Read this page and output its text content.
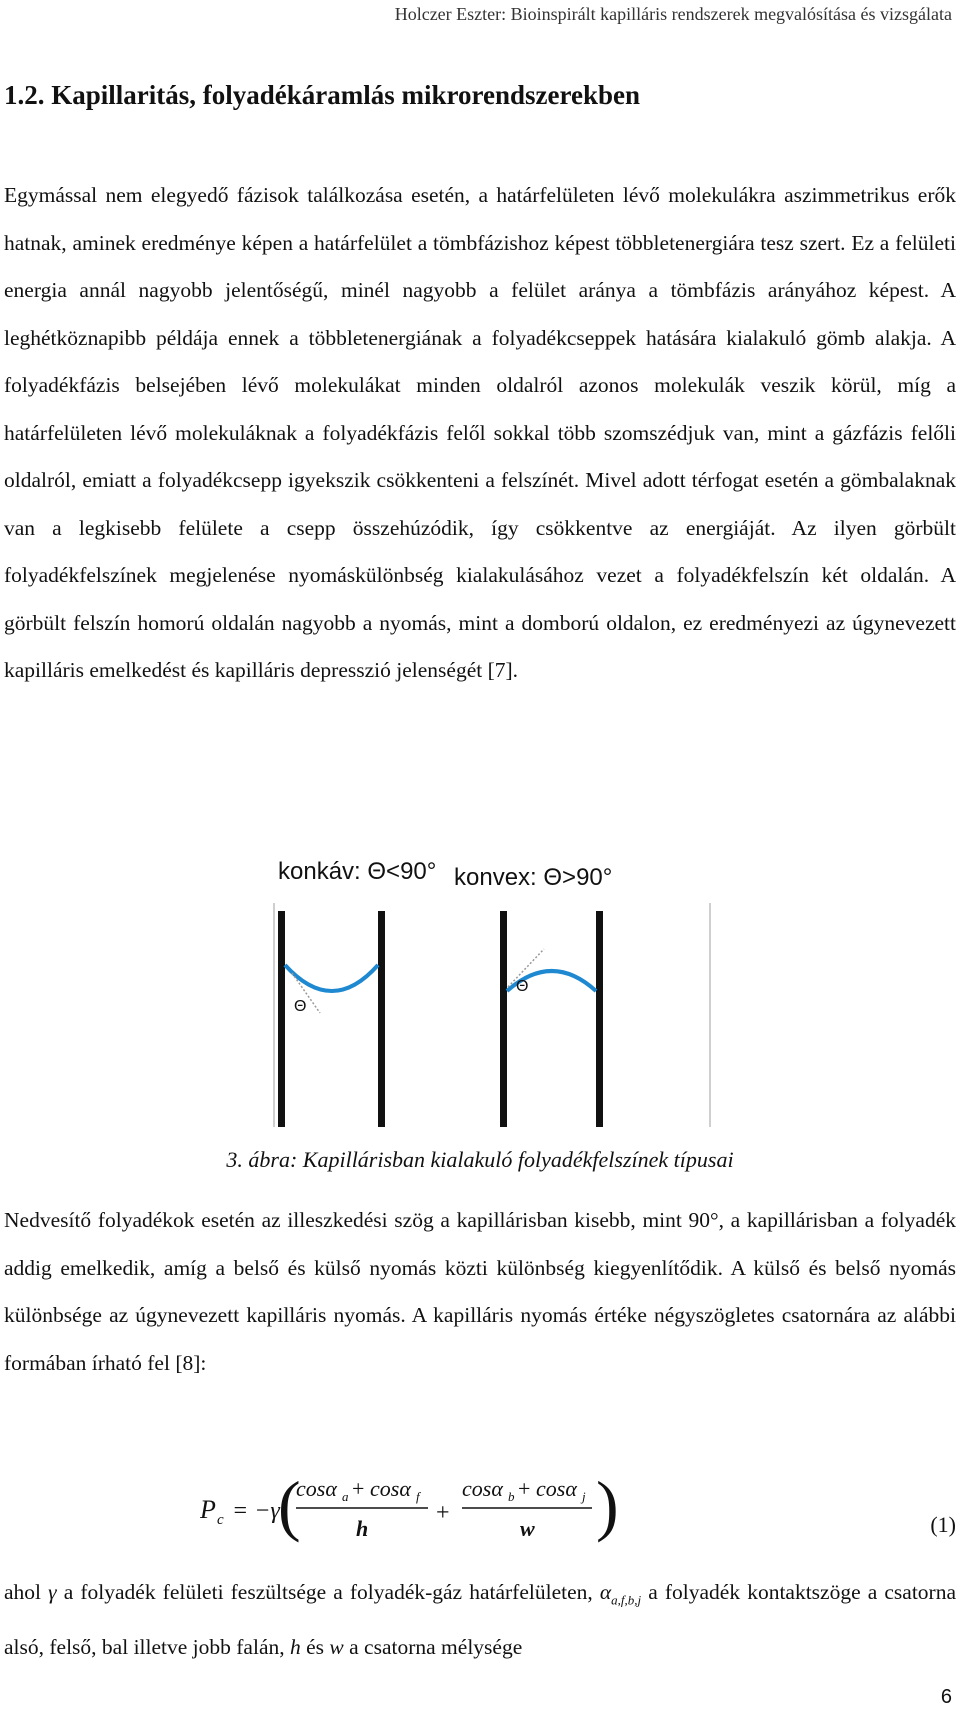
Holczer Eszter: Bioinspirált kapilláris rendszerek megvalósítása és vizsgálata
1.2. Kapillaritás, folyadékáramlás mikrorendszerekben

Egymással nem elegyedő fázisok találkozása esetén, a határfelületen lévő molekulákra aszimmetrikus erők hatnak, aminek eredménye képen a határfelület a tömbfázishoz képest többletenergiára tesz szert. Ez a felületi energia annál nagyobb jelentőségű, minél nagyobb a felület aránya a tömbfázis arányához képest. A leghétköznapibb példája ennek a többletenergiának a folyadékcseppek hatására kialakuló gömb alakja. A folyadékfázis belsejében lévő molekulákat minden oldalról azonos molekulák veszik körül, míg a határfelületen lévő molekuláknak a folyadékfázis felől sokkal több szomszédjuk van, mint a gázfázis felőli oldalról, emiatt a folyadékcsepp igyekszik csökkenteni a felszínét. Mivel adott térfogat esetén a gömbalaknak van a legkisebb felülete a csepp összehúzódik, így csökkentve az energiáját. Az ilyen görbült folyadékfelszínek megjelenése nyomáskülönbség kialakulásához vezet a folyadékfelszín két oldalán. A görbült felszín homorú oldalán nagyobb a nyomás, mint a domború oldalon, ez eredményezi az úgynevezett kapilláris emelkedést és kapilláris depresszió jelenségét [7].

konkáv: Θ<90° konvex: Θ>90°
Θ
Θ

3. ábra: Kapillárisban kialakuló folyadékfelszínek típusai

Nedvesítő folyadékok esetén az illeszkedési szög a kapillárisban kisebb, mint 90°, a kapillárisban a folyadék addig emelkedik, amíg a belső és külső nyomás közti különbség kiegyenlítődik. A külső és belső nyomás különbsége az úgynevezett kapilláris nyomás. A kapilláris nyomás értéke négyszögletes csatornára az alábbi formában írható fel [8]:

P c = −γ
(
cosα a + cosα f
h
+
cosα b + cosα j
w )	(1)

ahol γ a folyadék felületi feszültsége a folyadék-gáz határfelületen, $\alpha_{a,f,b,j}$ a folyadék kontaktszöge a csatorna alsó, felső, bal illetve jobb falán, h és w a csatorna mélysége

6
